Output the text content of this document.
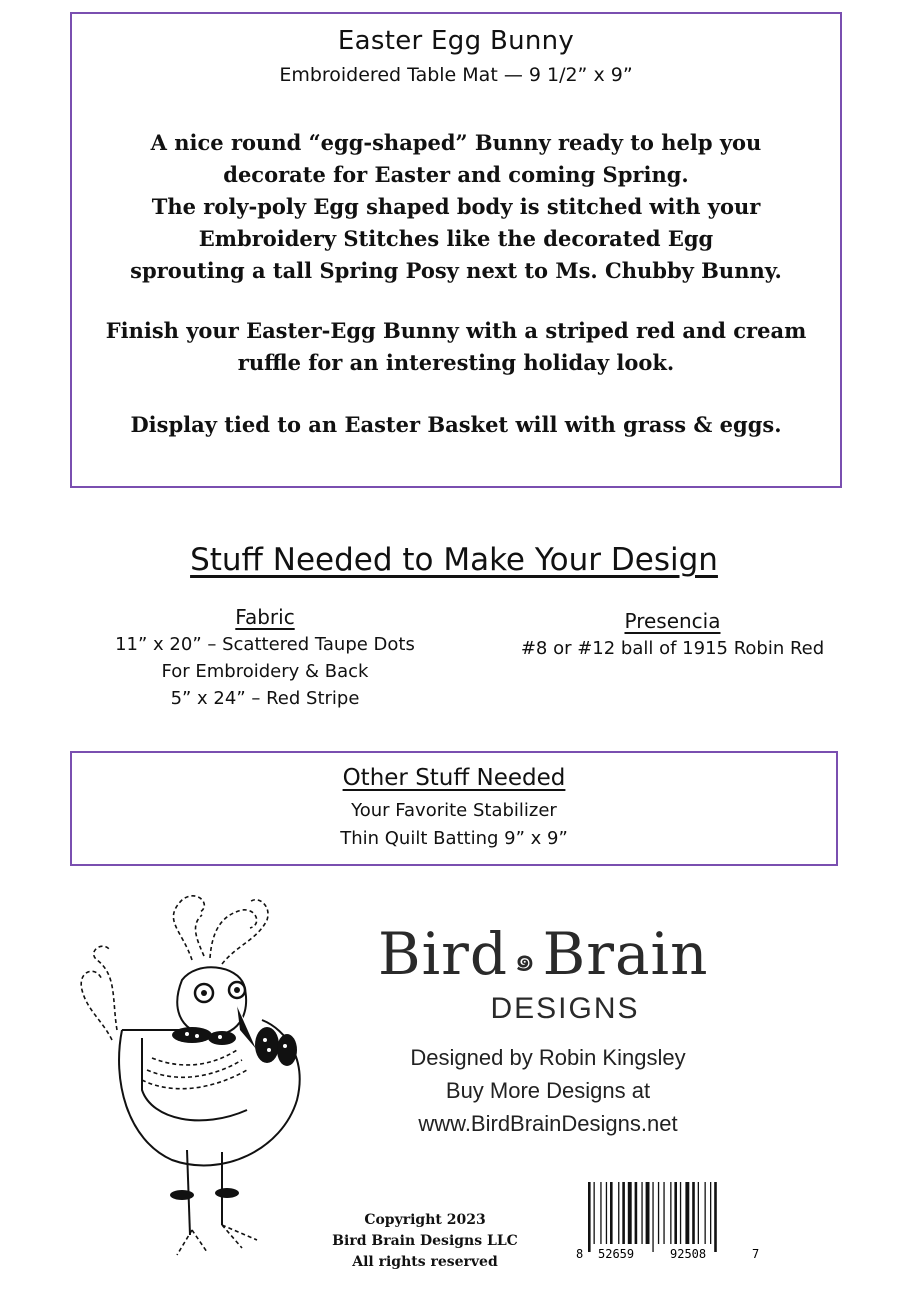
Easter Egg Bunny
Embroidered Table Mat — 9 1/2” x 9”
A nice round “egg-shaped” Bunny ready to help you
decorate for Easter and coming Spring.
The roly-poly Egg shaped body is stitched with your
Embroidery Stitches like the decorated Egg
sprouting a tall Spring Posy next to Ms. Chubby Bunny.
Finish your Easter-Egg Bunny with a striped red and cream
ruffle for an interesting holiday look.
Display tied to an Easter Basket will with grass & eggs.
Stuff Needed to Make Your Design
Fabric
11” x 20” – Scattered Taupe Dots
For Embroidery & Back
5” x 24” – Red Stripe
Presencia
#8 or #12 ball of 1915 Robin Red
Other Stuff Needed
Your Favorite Stabilizer
Thin Quilt Batting 9” x 9”
Bird ๑ Brain
DESIGNS
Designed by Robin Kingsley
Buy More Designs at
www.BirdBrainDesigns.net
Copyright 2023
Bird Brain Designs LLC
All rights reserved	8 52659	92508	7
